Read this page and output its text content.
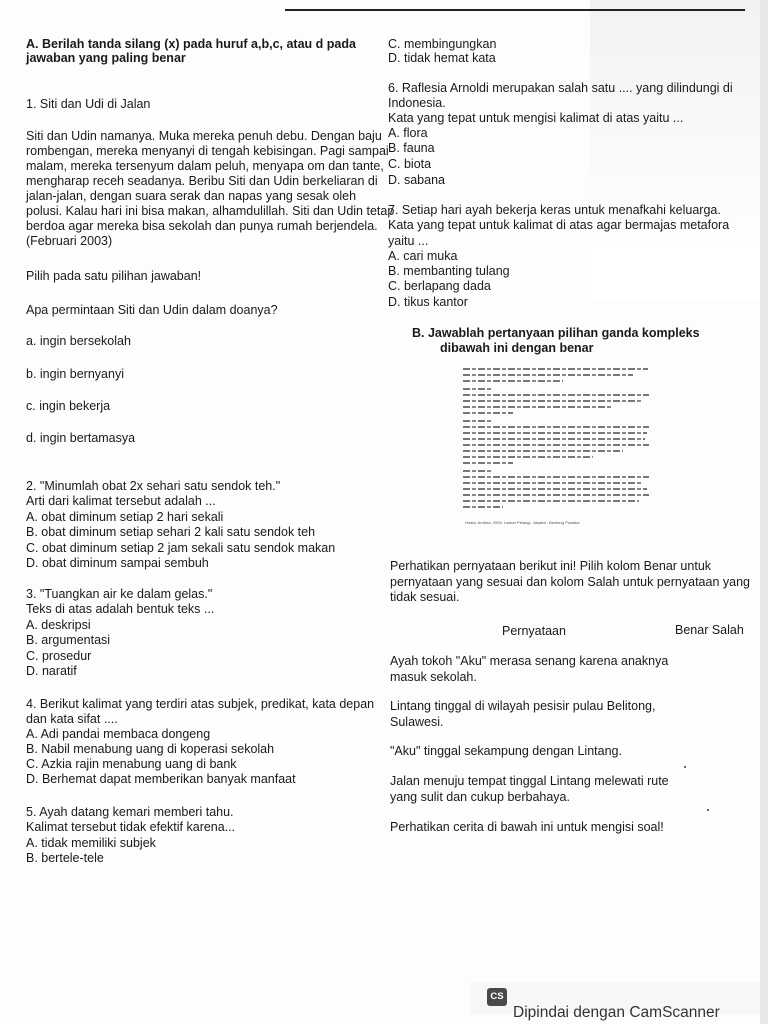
A. Berilah tanda silang (x) pada huruf a,b,c, atau d pada

jawaban yang paling benar

1. Siti dan Udi di Jalan

Siti dan Udin namanya. Muka mereka penuh debu. Dengan baju

rombengan, mereka menyanyi di tengah kebisingan. Pagi sampai

malam, mereka tersenyum dalam peluh, menyapa om dan tante,

mengharap receh seadanya. Beribu Siti dan Udin berkeliaran di

jalan-jalan, dengan suara serak dan napas yang sesak oleh

polusi. Kalau hari ini bisa makan, alhamdulillah. Siti dan Udin tetap

berdoa agar mereka bisa sekolah dan punya rumah berjendela.

(Februari 2003)

Pilih pada satu pilihan jawaban!

Apa permintaan Siti dan Udin dalam doanya?

a. ingin bersekolah

b. ingin bernyanyi

c. ingin bekerja

d. ingin bertamasya

2. "Minumlah obat 2x sehari satu sendok teh."

Arti dari kalimat tersebut adalah ...

A. obat diminum setiap 2 hari sekali

B. obat diminum setiap sehari 2 kali satu sendok teh

C. obat diminum setiap 2 jam sekali satu sendok makan

D. obat diminum sampai sembuh

3. "Tuangkan air ke dalam gelas."

Teks di atas adalah bentuk teks ...

A. deskripsi

B. argumentasi

C. prosedur

D. naratif

4. Berikut kalimat yang terdiri atas subjek, predikat, kata depan

dan kata sifat ....

A. Adi pandai membaca dongeng

B. Nabil menabung uang di koperasi sekolah

C. Azkia rajin menabung uang di bank

D. Berhemat dapat memberikan banyak manfaat

5. Ayah datang kemari memberi tahu.

Kalimat tersebut tidak efektif karena...

A. tidak memiliki subjek

B. bertele-tele

C. membingungkan

D. tidak hemat kata

6. Raflesia Arnoldi merupakan salah satu .... yang dilindungi di

Indonesia.

Kata yang tepat untuk mengisi kalimat di atas yaitu ...

A. flora

B. fauna

C. biota

D. sabana

7. Setiap hari ayah bekerja keras untuk menafkahi keluarga.

Kata yang tepat untuk kalimat di atas agar bermajas metafora

yaitu ...

A. cari muka

B. membanting tulang

C. berlapang dada

D. tikus kantor

B. Jawablah pertanyaan pilihan ganda kompleks

dibawah ini dengan benar

Hirata, Andrea. 2006. Laskar Pelangi. Jakarta : Bentang Pustaka

Perhatikan pernyataan berikut ini! Pilih kolom Benar untuk

pernyataan yang sesuai dan kolom Salah untuk pernyataan yang

tidak sesuai.

Pernyataan	Benar Salah

Ayah tokoh "Aku" merasa senang karena anaknya

masuk sekolah.

Lintang tinggal di wilayah pesisir pulau Belitong,

Sulawesi.

"Aku" tinggal sekampung dengan Lintang.

Jalan menuju tempat tinggal Lintang melewati rute

yang sulit dan cukup berbahaya.

Perhatikan cerita di bawah ini untuk mengisi soal!

CS

Dipindai dengan CamScanner
